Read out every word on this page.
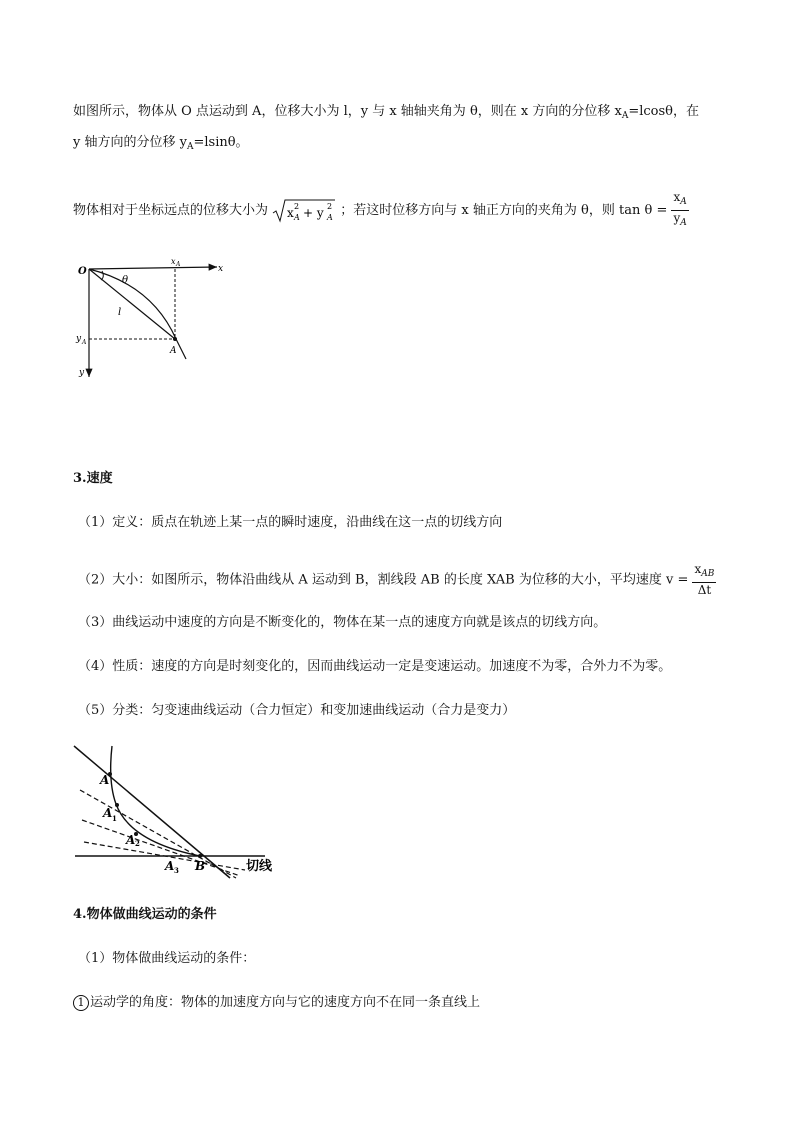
如图所示，物体从 O 点运动到 A，位移大小为 l，y 与 x 轴轴夹角为 θ，则在 x 方向的分位移 $x_A=lcos\theta$，在
y 轴方向的分位移 $y_A=lsin\theta$。
物体相对于坐标远点的位移大小为 x 2
A + y 2
A ；若这时位移方向与 x 轴正方向的夹角为 θ，则 $\tan \theta = \frac{x_A}{y_A}$
O	x
x A
θ
l
y A
A
y
3.速度
（1）定义：质点在轨迹上某一点的瞬时速度，沿曲线在这一点的切线方向
（2）大小：如图所示，物体沿曲线从 A 运动到 B，割线段 AB 的长度 XAB 为位移的大小，平均速度 $v = \frac{x_{AB}}{\Delta t}$
（3）曲线运动中速度的方向是不断变化的，物体在某一点的速度方向就是该点的切线方向。
（4）性质：速度的方向是时刻变化的，因而曲线运动一定是变速运动。加速度不为零，合外力不为零。
（5）分类：匀变速曲线运动（合力恒定）和变加速曲线运动（合力是变力）
A
A 1
A 2
A 3 B	切线
4.物体做曲线运动的条件
（1）物体做曲线运动的条件：
1 运动学的角度：物体的加速度方向与它的速度方向不在同一条直线上
